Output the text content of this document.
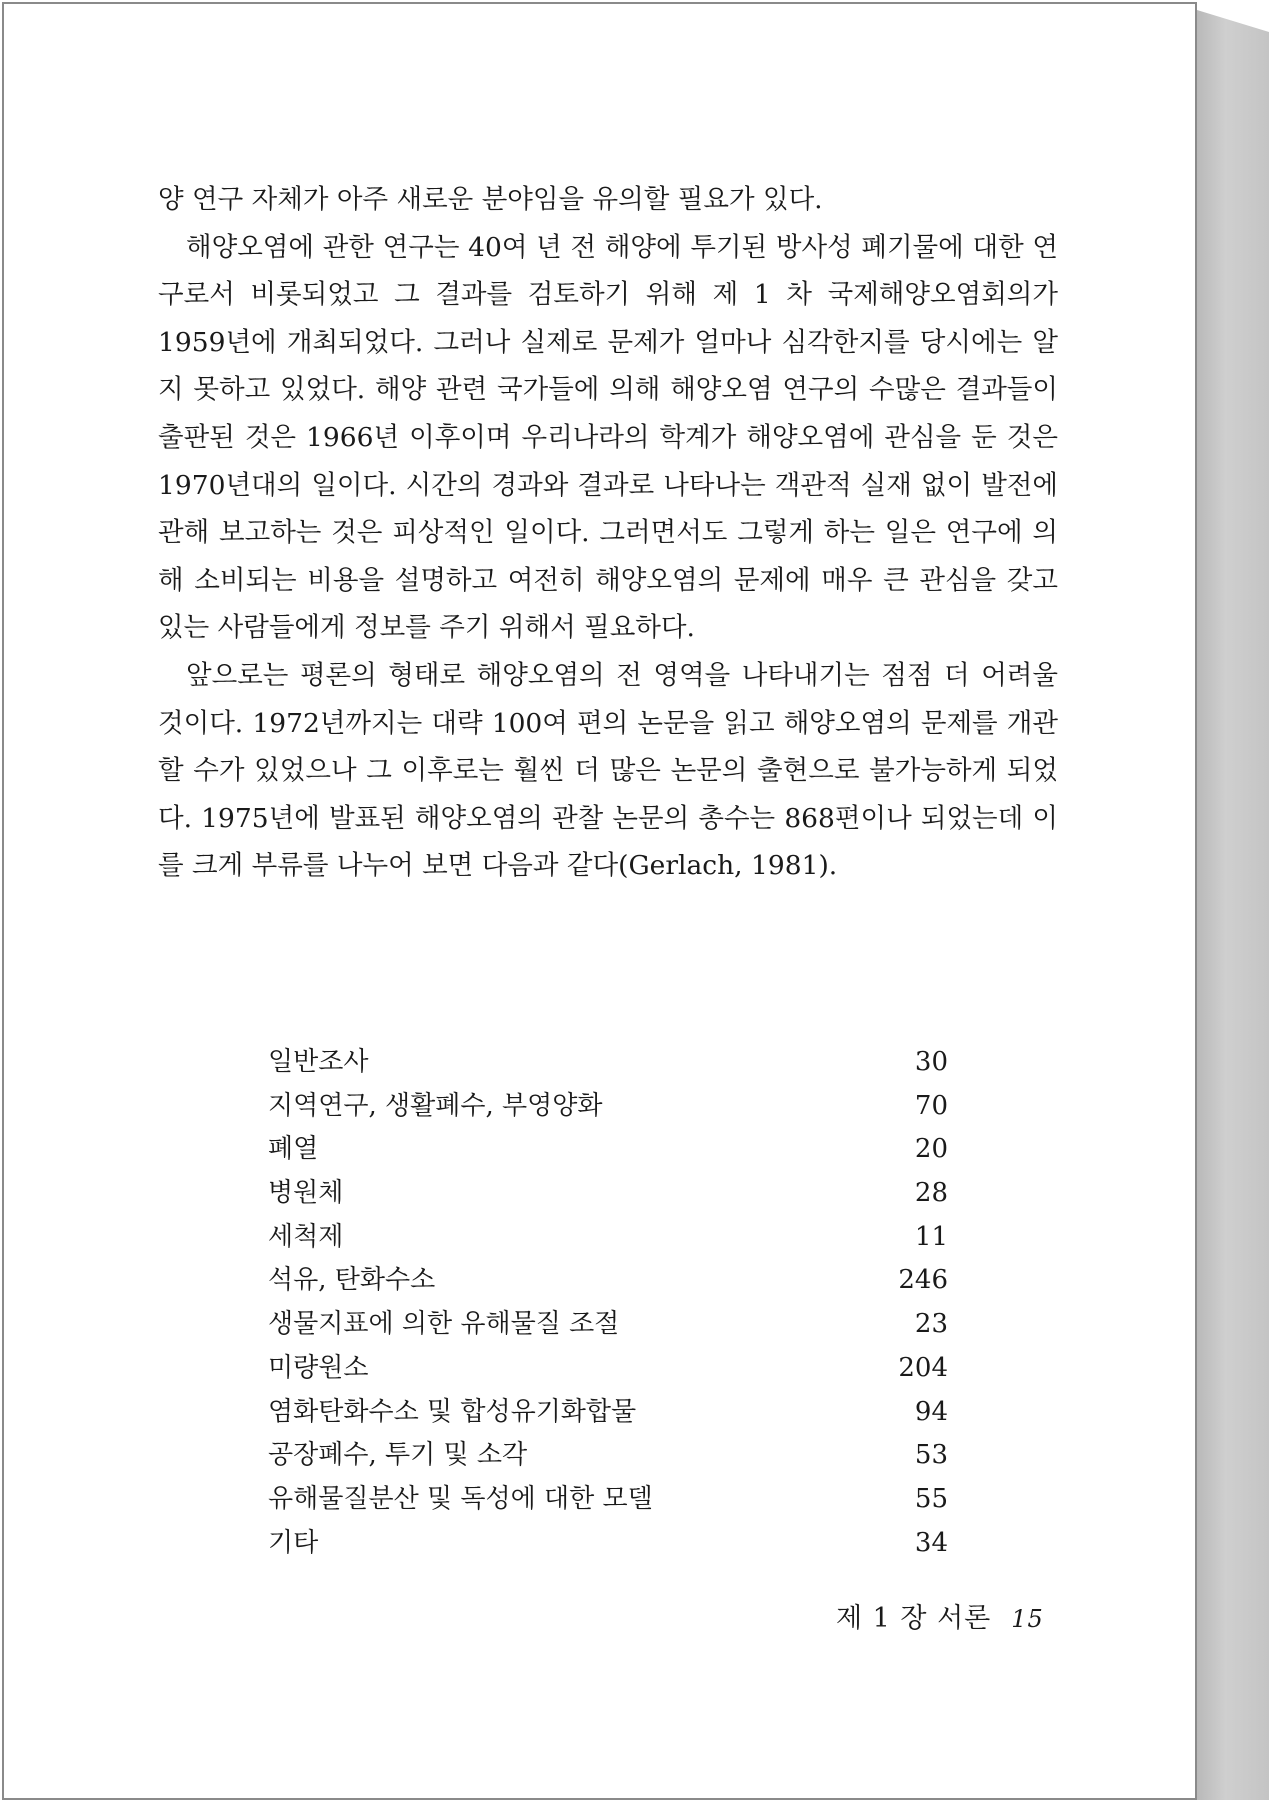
양 연구 자체가 아주 새로운 분야임을 유의할 필요가 있다.

해양오염에 관한 연구는 40여 년 전 해양에 투기된 방사성 폐기물에 대한 연구로서 비롯되었고 그 결과를 검토하기 위해 제 1 차 국제해양오염회의가 1959년에 개최되었다. 그러나 실제로 문제가 얼마나 심각한지를 당시에는 알지 못하고 있었다. 해양 관련 국가들에 의해 해양오염 연구의 수많은 결과들이 출판된 것은 1966년 이후이며 우리나라의 학계가 해양오염에 관심을 둔 것은 1970년대의 일이다. 시간의 경과와 결과로 나타나는 객관적 실재 없이 발전에 관해 보고하는 것은 피상적인 일이다. 그러면서도 그렇게 하는 일은 연구에 의해 소비되는 비용을 설명하고 여전히 해양오염의 문제에 매우 큰 관심을 갖고 있는 사람들에게 정보를 주기 위해서 필요하다.

앞으로는 평론의 형태로 해양오염의 전 영역을 나타내기는 점점 더 어려울 것이다. 1972년까지는 대략 100여 편의 논문을 읽고 해양오염의 문제를 개관할 수가 있었으나 그 이후로는 훨씬 더 많은 논문의 출현으로 불가능하게 되었다. 1975년에 발표된 해양오염의 관찰 논문의 총수는 868편이나 되었는데 이를 크게 부류를 나누어 보면 다음과 같다(Gerlach, 1981).

일반조사	30
지역연구, 생활폐수, 부영양화	70
폐열	20
병원체	28
세척제	11
석유, 탄화수소	246
생물지표에 의한 유해물질 조절	23
미량원소	204
염화탄화수소 및 합성유기화합물	94
공장폐수, 투기 및 소각	53
유해물질분산 및 독성에 대한 모델	55
기타	34
제 1 장 서론 15
